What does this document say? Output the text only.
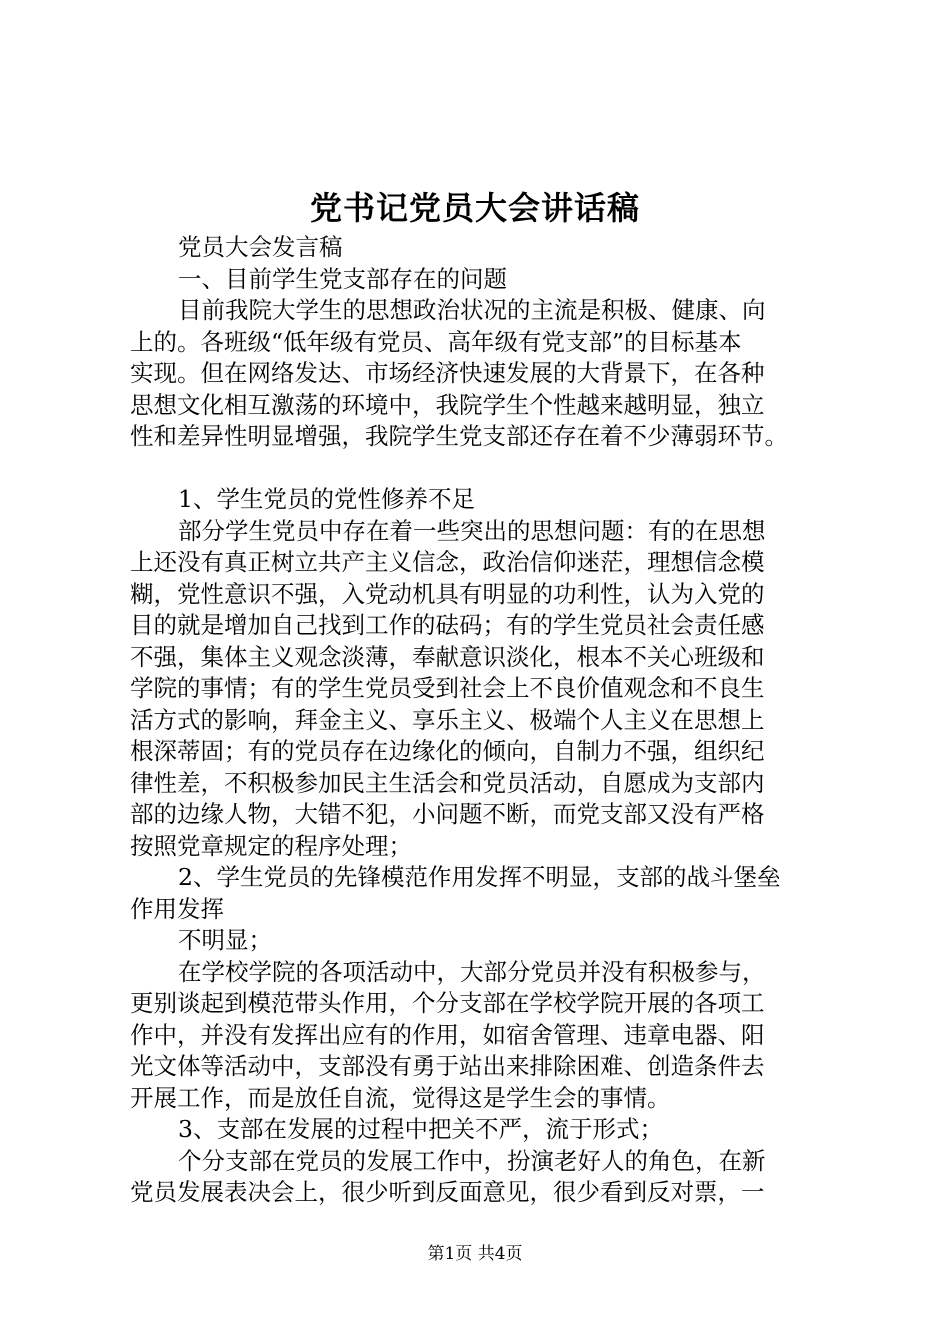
党书记党员大会讲话稿
党员大会发言稿
一、目前学生党支部存在的问题
目前我院大学生的思想政治状况的主流是积极、健康、向
上的。各班级“低年级有党员、高年级有党支部”的目标基本
实现。但在网络发达、市场经济快速发展的大背景下，在各种
思想文化相互激荡的环境中，我院学生个性越来越明显，独立
性和差异性明显增强，我院学生党支部还存在着不少薄弱环节。
1、学生党员的党性修养不足
部分学生党员中存在着一些突出的思想问题：有的在思想
上还没有真正树立共产主义信念，政治信仰迷茫，理想信念模
糊，党性意识不强，入党动机具有明显的功利性，认为入党的
目的就是增加自己找到工作的砝码；有的学生党员社会责任感
不强，集体主义观念淡薄，奉献意识淡化，根本不关心班级和
学院的事情；有的学生党员受到社会上不良价值观念和不良生
活方式的影响，拜金主义、享乐主义、极端个人主义在思想上
根深蒂固；有的党员存在边缘化的倾向，自制力不强，组织纪
律性差，不积极参加民主生活会和党员活动，自愿成为支部内
部的边缘人物，大错不犯，小问题不断，而党支部又没有严格
按照党章规定的程序处理；
2、学生党员的先锋模范作用发挥不明显，支部的战斗堡垒
作用发挥
不明显；
在学校学院的各项活动中，大部分党员并没有积极参与，
更别谈起到模范带头作用，个分支部在学校学院开展的各项工
作中，并没有发挥出应有的作用，如宿舍管理、违章电器、阳
光文体等活动中，支部没有勇于站出来排除困难、创造条件去
开展工作，而是放任自流，觉得这是学生会的事情。
3、支部在发展的过程中把关不严，流于形式；
个分支部在党员的发展工作中，扮演老好人的角色，在新
党员发展表决会上，很少听到反面意见，很少看到反对票，一
第1页 共4页
